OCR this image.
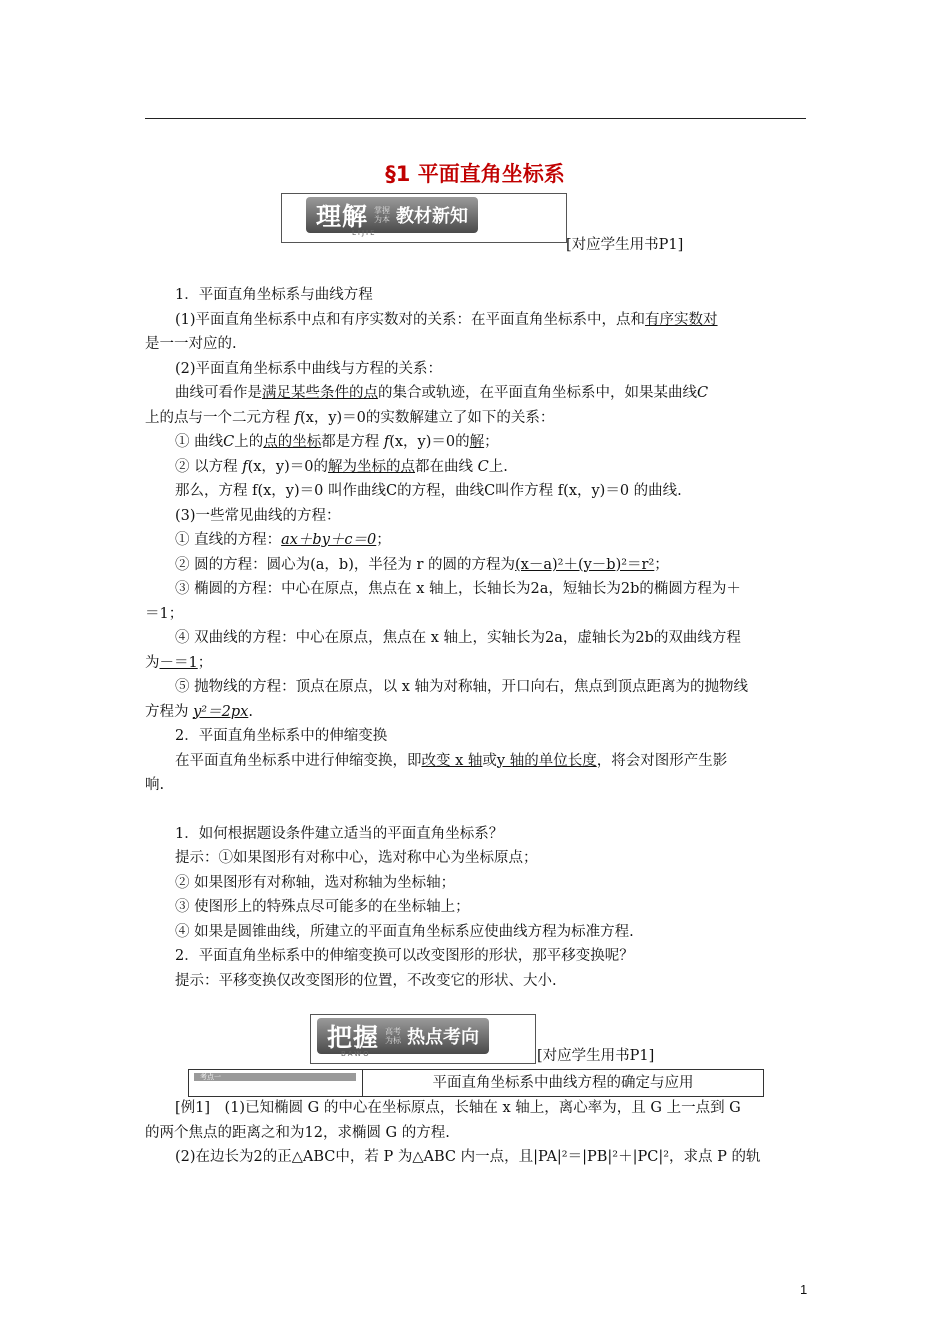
§1 平面直角坐标系
理解 掌握
为本 教材新知
LIJIE
[对应学生用书P1]

1．平面直角坐标系与曲线方程

(1)平面直角坐标系中点和有序实数对的关系：在平面直角坐标系中，点和有序实数对

是一一对应的.

(2)平面直角坐标系中曲线与方程的关系：

曲线可看作是满足某些条件的点的集合或轨迹，在平面直角坐标系中，如果某曲线C

上的点与一个二元方程 f(x，y)＝0的实数解建立了如下的关系：

① 曲线C上的点的坐标都是方程 f(x，y)＝0的解；

② 以方程 f(x，y)＝0的解为坐标的点都在曲线 C上.

那么，方程 f(x，y)＝0 叫作曲线C的方程，曲线C叫作方程 f(x，y)＝0 的曲线.

(3)一些常见曲线的方程：

① 直线的方程：ax＋by＋c＝0；

② 圆的方程：圆心为(a，b)，半径为 r 的圆的方程为(x－a)²＋(y－b)²＝r²；

③ 椭圆的方程：中心在原点，焦点在 x 轴上，长轴长为2a，短轴长为2b的椭圆方程为＋

＝1；

④ 双曲线的方程：中心在原点，焦点在 x 轴上，实轴长为2a，虚轴长为2b的双曲线方程

为－＝1；

⑤ 抛物线的方程：顶点在原点，以 x 轴为对称轴，开口向右，焦点到顶点距离为的抛物线

方程为 y²＝2px.

2．平面直角坐标系中的伸缩变换

在平面直角坐标系中进行伸缩变换，即改变 x 轴或y 轴的单位长度，将会对图形产生影

响.

1．如何根据题设条件建立适当的平面直角坐标系？

提示：①如果图形有对称中心，选对称中心为坐标原点；

② 如果图形有对称轴，选对称轴为坐标轴；

③ 使图形上的特殊点尽可能多的在坐标轴上；

④ 如果是圆锥曲线，所建立的平面直角坐标系应使曲线方程为标准方程.

2．平面直角坐标系中的伸缩变换可以改变图形的形状，那平移变换呢？

提示：平移变换仅改变图形的位置，不改变它的形状、大小.

把握 高考
为标 热点考向
BAWO	[对应学生用书P1]
考点一	平面直角坐标系中曲线方程的确定与应用

[例1]　(1)已知椭圆 G 的中心在坐标原点，长轴在 x 轴上，离心率为，且 G 上一点到 G

的两个焦点的距离之和为12，求椭圆 G 的方程.

(2)在边长为2的正△ABC中，若 P 为△ABC 内一点，且|PA|²＝|PB|²＋|PC|²，求点 P 的轨

1
